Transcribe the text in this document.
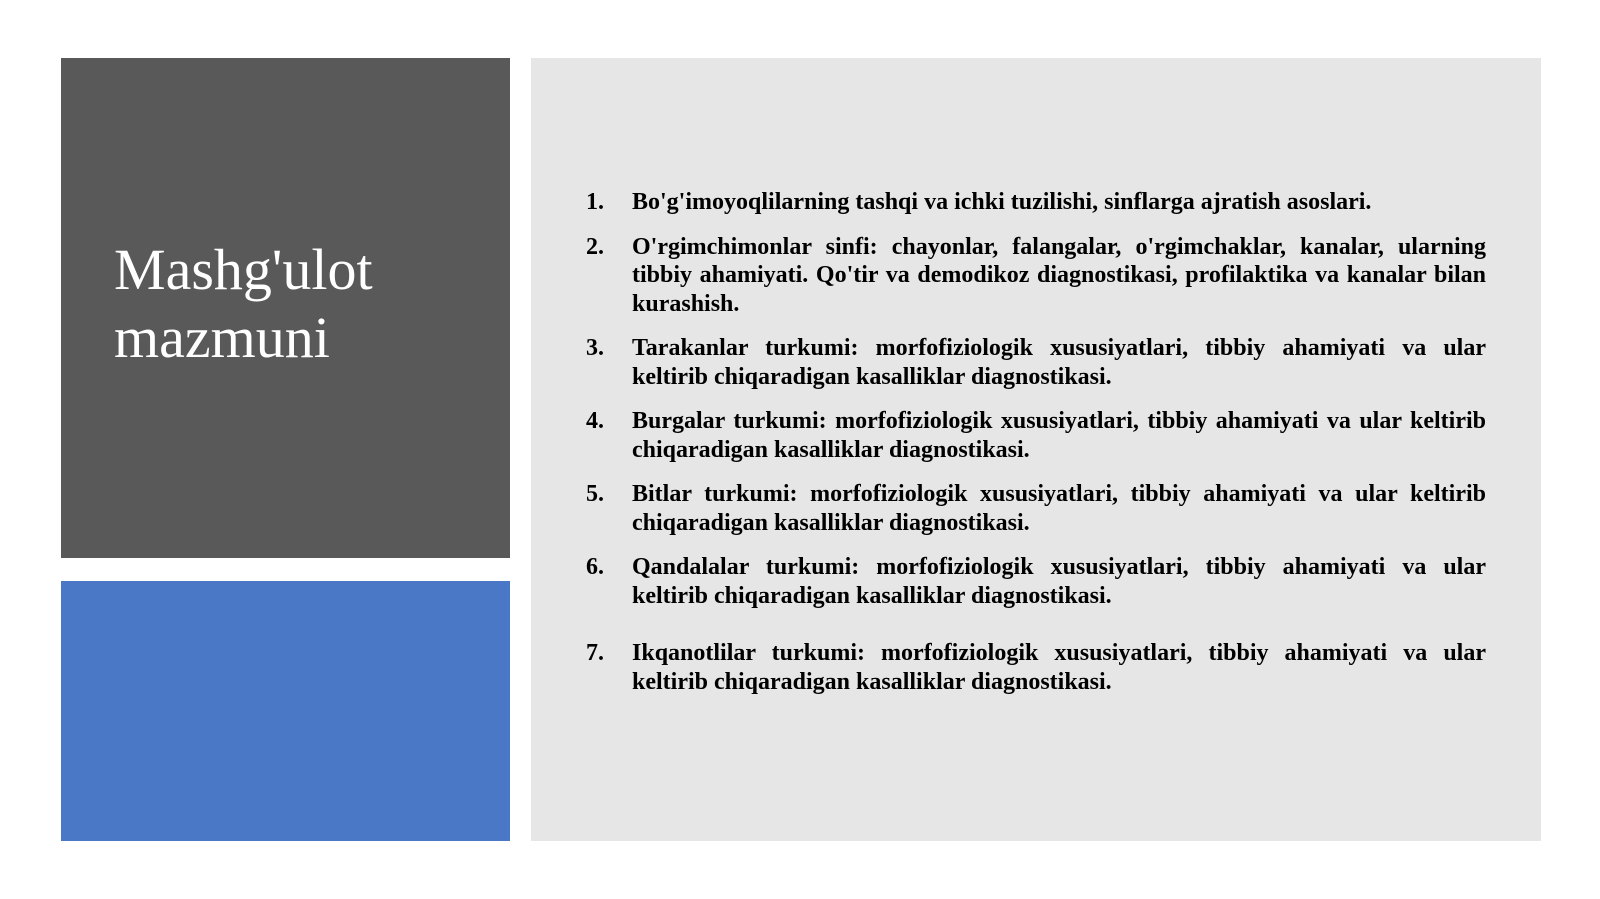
Mashg'ulot
mazmuni
1.	Bo'g'imoyoqlilarning tashqi va ichki tuzilishi, sinflarga ajratish asoslari.
2.	O'rgimchimonlar sinfi: chayonlar, falangalar, o'rgimchaklar, kanalar, ularning tibbiy ahamiyati. Qo'tir va demodikoz diagnostikasi, profilaktika va kanalar bilan kurashish.
3.	Tarakanlar turkumi: morfofiziologik xususiyatlari, tibbiy ahamiyati va ular keltirib chiqaradigan kasalliklar diagnostikasi.
4.	Burgalar turkumi: morfofiziologik xususiyatlari, tibbiy ahamiyati va ular keltirib chiqaradigan kasalliklar diagnostikasi.
5.	Bitlar turkumi: morfofiziologik xususiyatlari, tibbiy ahamiyati va ular keltirib chiqaradigan kasalliklar diagnostikasi.
6.	Qandalalar turkumi: morfofiziologik xususiyatlari, tibbiy ahamiyati va ular keltirib chiqaradigan kasalliklar diagnostikasi.
7.	Ikqanotlilar turkumi: morfofiziologik xususiyatlari, tibbiy ahamiyati va ular keltirib chiqaradigan kasalliklar diagnostikasi.
